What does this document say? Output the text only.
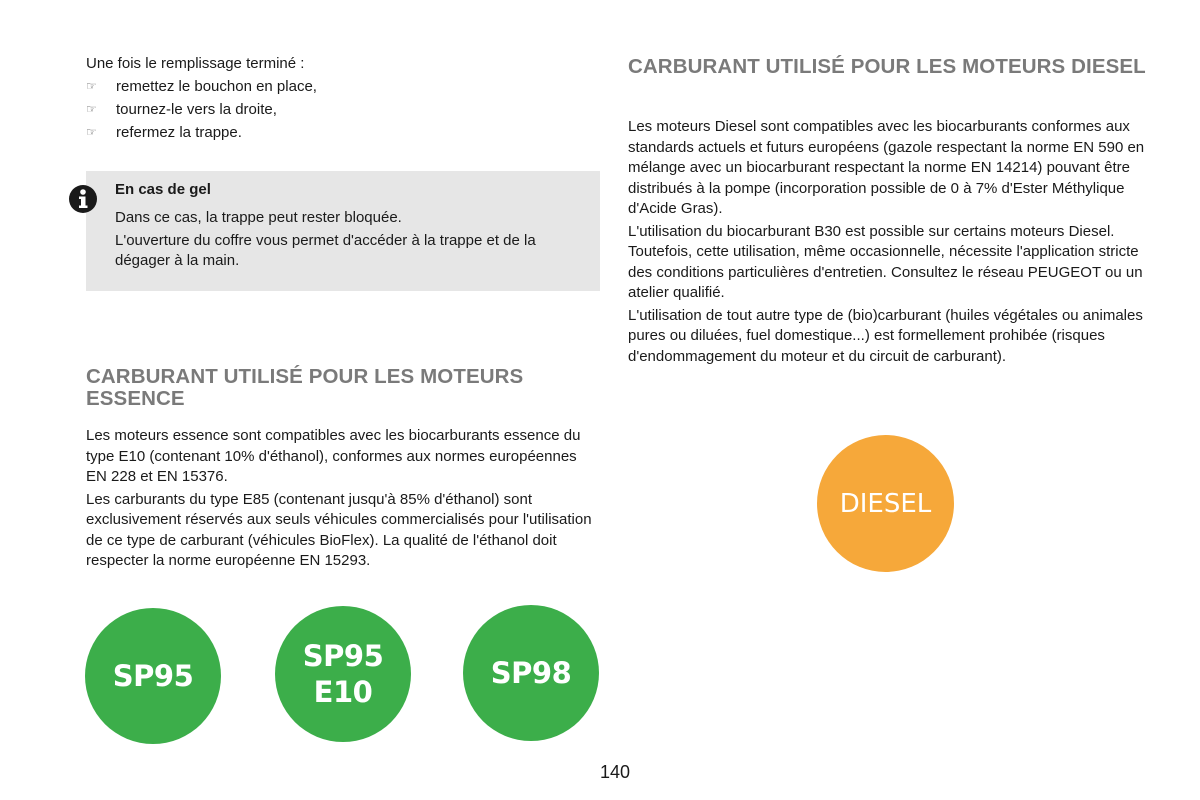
Une fois le remplissage terminé :

☞ remettez le bouchon en place,
☞ tournez-le vers la droite,
☞ refermez la trappe.
En cas de gel

Dans ce cas, la trappe peut rester bloquée.

L'ouverture du coffre vous permet d'accéder à la trappe et de la dégager à la main.

CARBURANT UTILISÉ POUR LES MOTEURS ESSENCE

Les moteurs essence sont compatibles avec les biocarburants essence du type E10 (contenant 10% d'éthanol), conformes aux normes européennes EN 228 et EN 15376.

Les carburants du type E85 (contenant jusqu'à 85% d'éthanol) sont exclusivement réservés aux seuls véhicules commercialisés pour l'utilisation de ce type de carburant (véhicules BioFlex). La qualité de l'éthanol doit respecter la norme européenne EN 15293.

SP95
SP95
E10
SP98
CARBURANT UTILISÉ POUR LES MOTEURS DIESEL

Les moteurs Diesel sont compatibles avec les biocarburants conformes aux standards actuels et futurs européens (gazole respectant la norme EN 590 en mélange avec un biocarburant respectant la norme EN 14214) pouvant être distribués à la pompe (incorporation possible de 0 à 7% d'Ester Méthylique d'Acide Gras).

L'utilisation du biocarburant B30 est possible sur certains moteurs Diesel. Toutefois, cette utilisation, même occasionnelle, nécessite l'application stricte des conditions particulières d'entretien. Consultez le réseau PEUGEOT ou un atelier qualifié.

L'utilisation de tout autre type de (bio)carburant (huiles végétales ou animales pures ou diluées, fuel domestique...) est formellement prohibée (risques d'endommagement du moteur et du circuit de carburant).

DIESEL
140
